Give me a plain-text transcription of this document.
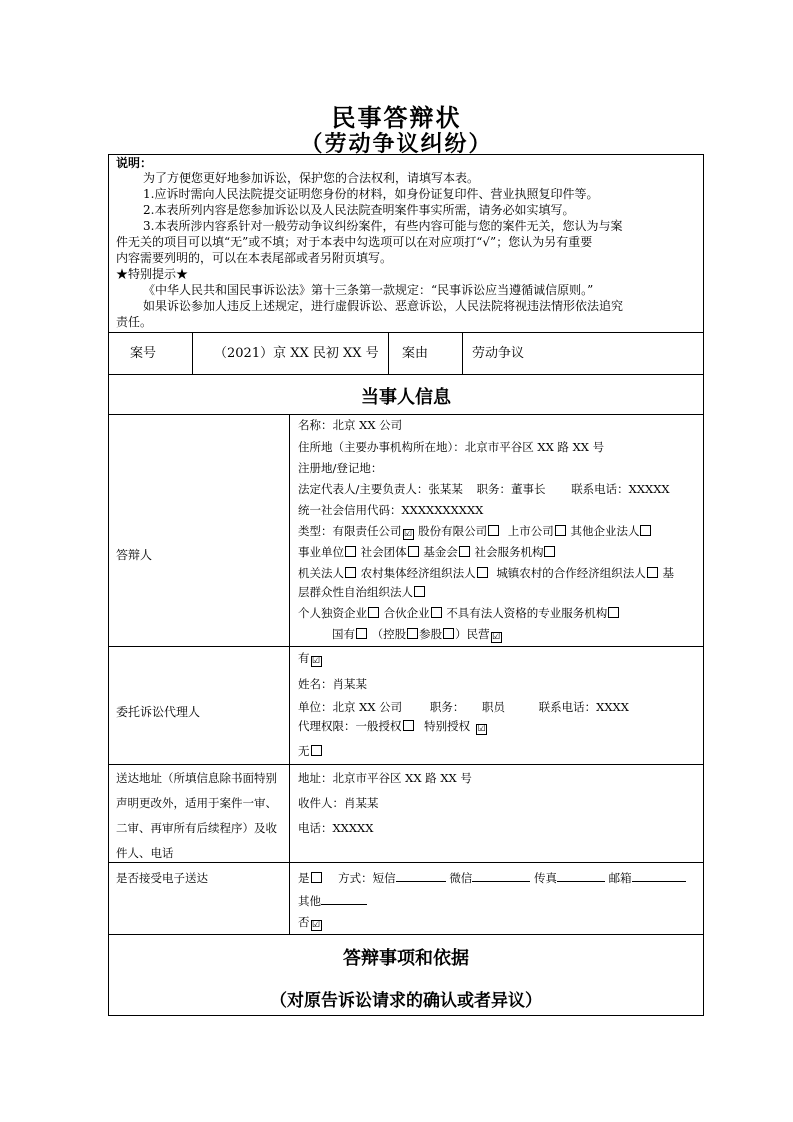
民事答辩状
（劳动争议纠纷）
说明：
为了方便您更好地参加诉讼，保护您的合法权利，请填写本表。
1.应诉时需向人民法院提交证明您身份的材料，如身份证复印件、营业执照复印件等。
2.本表所列内容是您参加诉讼以及人民法院查明案件事实所需，请务必如实填写。
3.本表所涉内容系针对一般劳动争议纠纷案件，有些内容可能与您的案件无关，您认为与案
件无关的项目可以填“无”或不填；对于本表中勾选项可以在对应项打“√”；您认为另有重要
内容需要列明的，可以在本表尾部或者另附页填写。
★特别提示★
《中华人民共和国民事诉讼法》第十三条第一款规定：“民事诉讼应当遵循诚信原则。”
如果诉讼参加人违反上述规定，进行虚假诉讼、恶意诉讼，人民法院将视违法情形依法追究
责任。
案号	（2021）京 XX 民初 XX 号 案由	劳动争议
当事人信息
答辩人
名称：北京 XX 公司
住所地（主要办事机构所在地）：北京市平谷区 XX 路 XX 号
注册地/登记地：
法定代表人/主要负责人：张某某 职务：董事长 联系电话：XXXXX
统一社会信用代码：XXXXXXXXXX
类型：有限责任公司 ☑ 股份有限公司 上市公司 其他企业法人
事业单位 社会团体 基金会 社会服务机构
机关法人 农村集体经济组织法人 城镇农村的合作经济组织法人 基
层群众性自治组织法人
个人独资企业 合伙企业 不具有法人资格的专业服务机构
国有 （控股 参股 ）民营 ☑
委托诉讼代理人
有 ☑
姓名：肖某某
单位：北京 XX 公司 职务： 职员	联系电话：XXXX
代理权限：一般授权 特别授权 ☑
无
送达地址（所填信息除书面特别
声明更改外，适用于案件一审、
二审、再审所有后续程序）及收
件人、电话
地址：北京市平谷区 XX 路 XX 号
收件人：肖某某
电话：XXXXX
是否接受电子送达	是 方式：短信	微信	传真	邮箱
其他
否 ☑
答辩事项和依据
（对原告诉讼请求的确认或者异议）
